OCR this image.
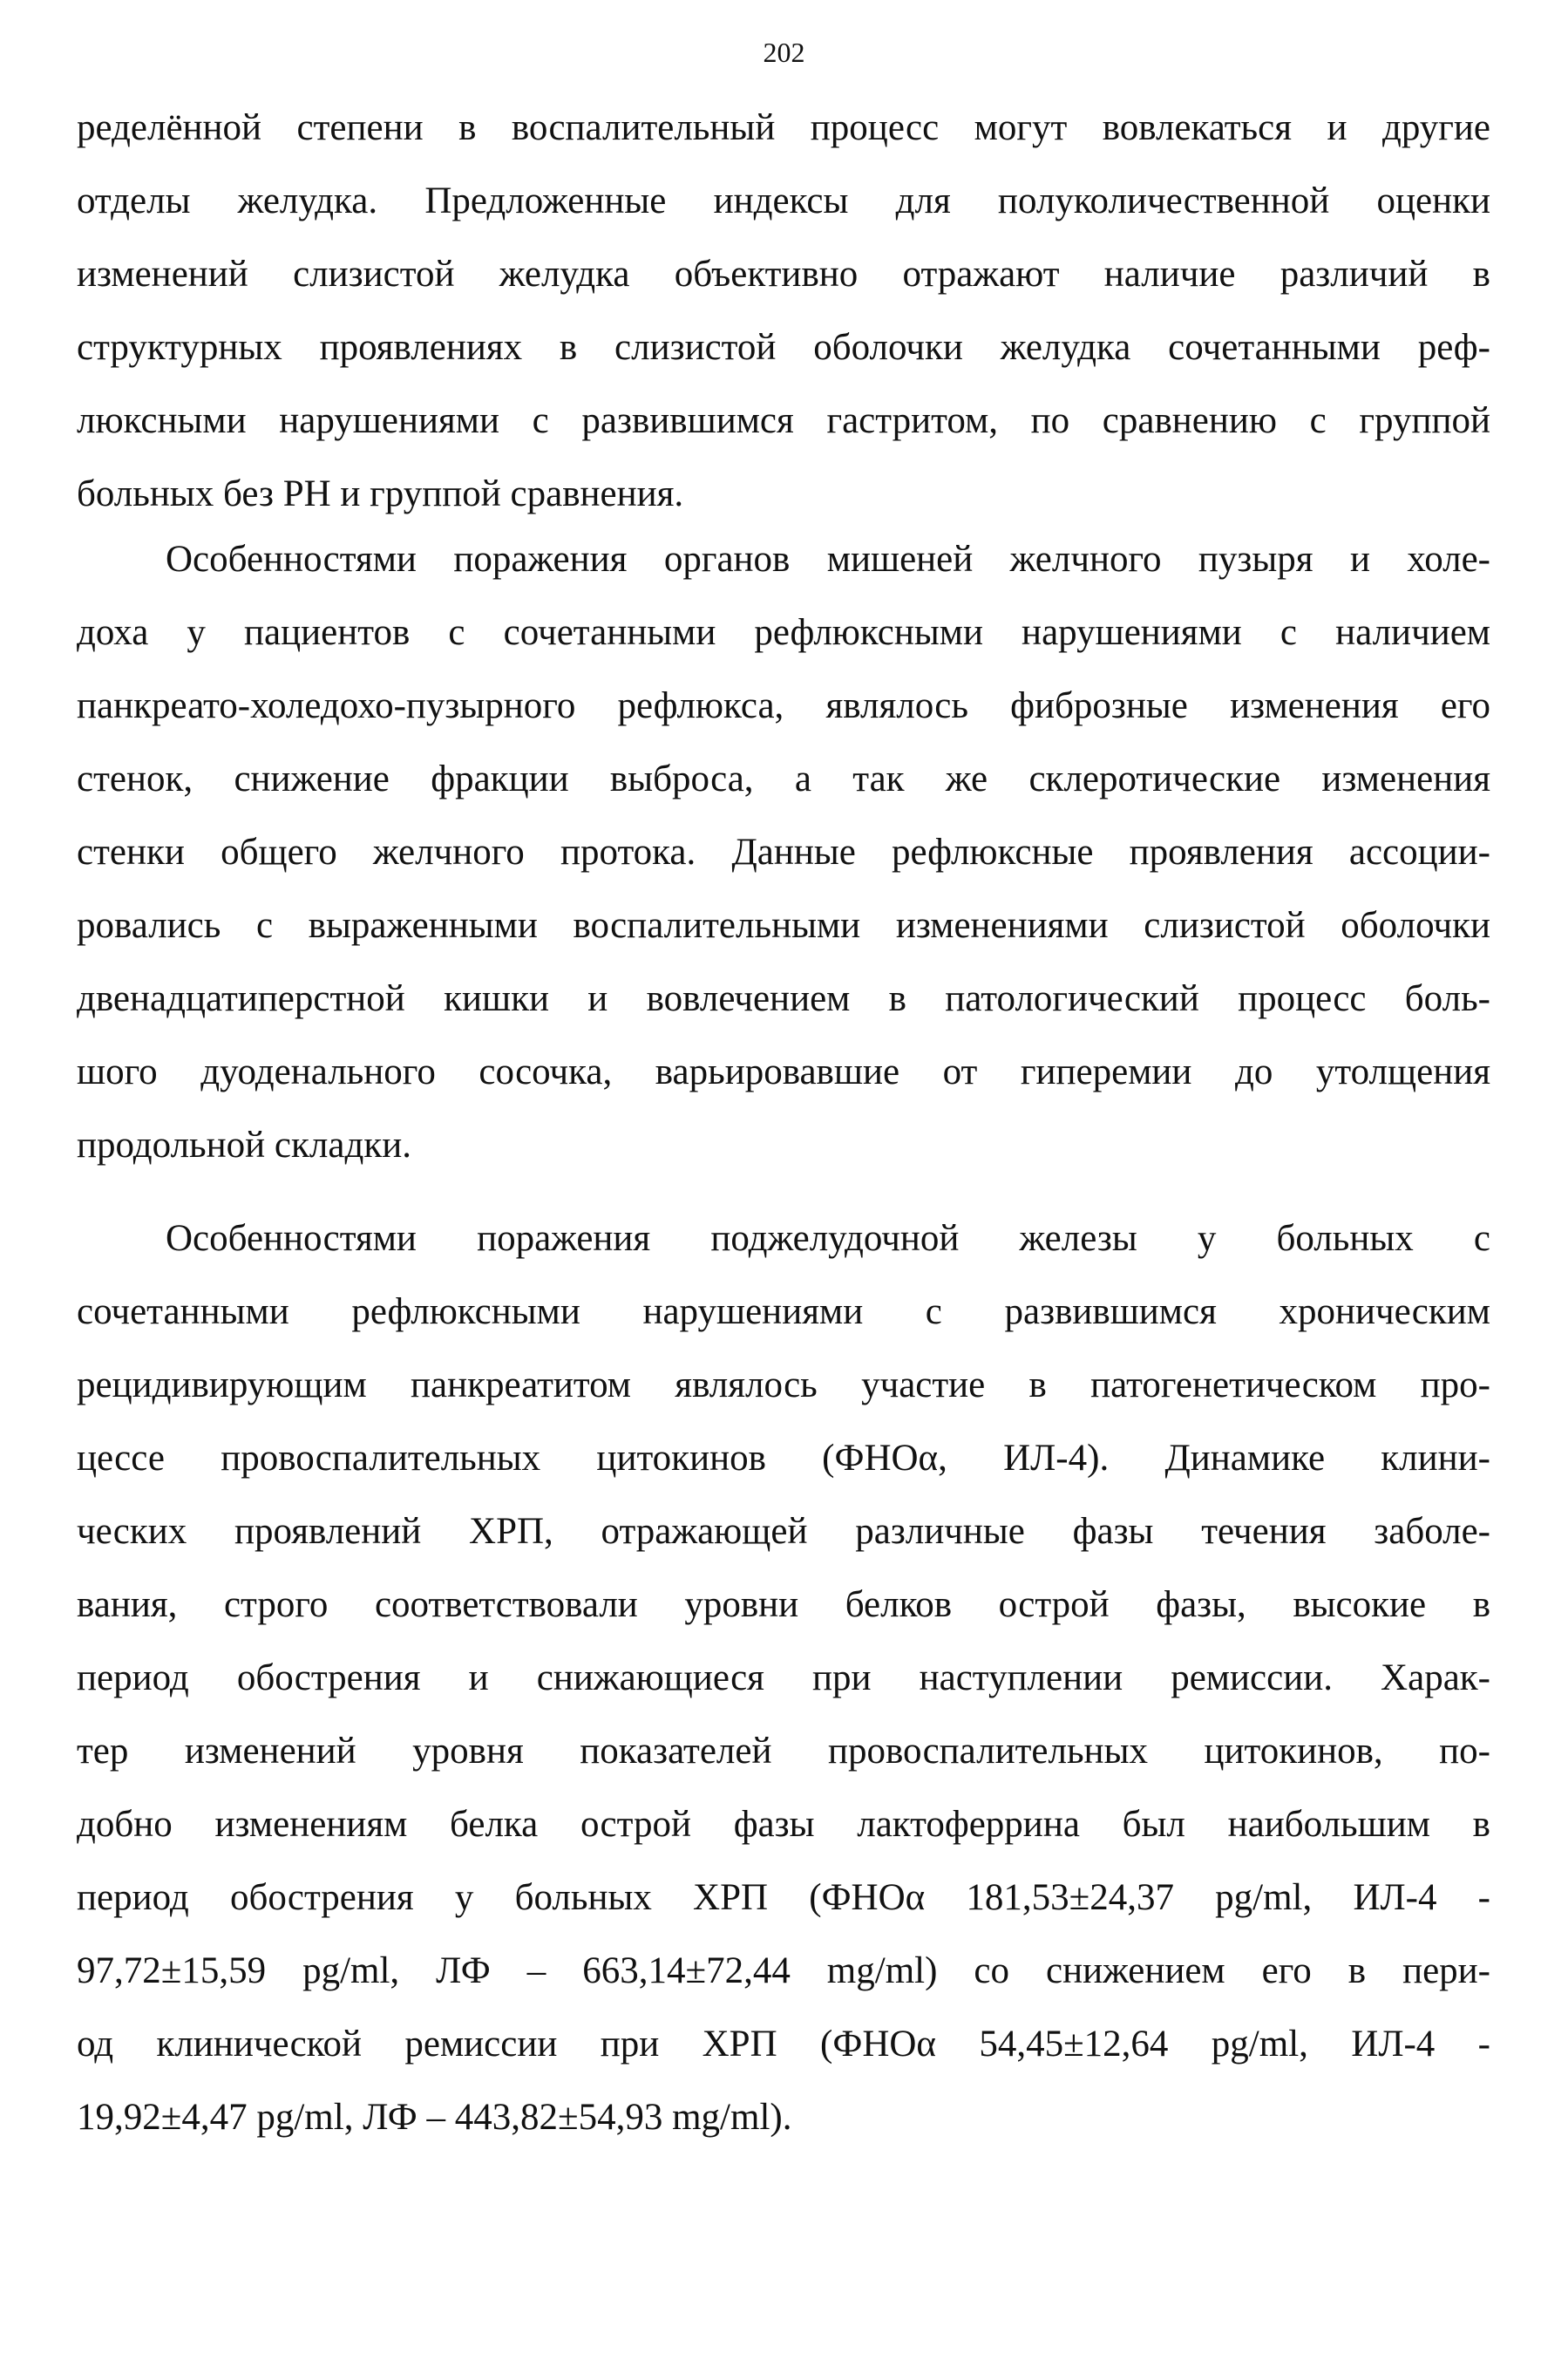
202
ределённой степени в воспалительный процесс могут вовлекаться и другие
отделы желудка. Предложенные индексы для полуколичественной оценки
изменений слизистой желудка объективно отражают наличие различий в
структурных проявлениях в слизистой оболочки желудка сочетанными реф-
люксными нарушениями с развившимся гастритом, по сравнению с группой
больных без РН и группой сравнения.
Особенностями поражения органов мишеней желчного пузыря и холе-
доха у пациентов с сочетанными рефлюксными нарушениями с наличием
панкреато-холедохо-пузырного рефлюкса, являлось фиброзные изменения его
стенок, снижение фракции выброса, а так же склеротические изменения
стенки общего желчного протока. Данные рефлюксные проявления ассоции-
ровались с выраженными воспалительными изменениями слизистой оболочки
двенадцатиперстной кишки и вовлечением в патологический процесс боль-
шого дуоденального сосочка, варьировавшие от гиперемии до утолщения
продольной складки.
Особенностями поражения поджелудочной железы у больных с
сочетанными рефлюксными нарушениями с развившимся хроническим
рецидивирующим панкреатитом являлось участие в патогенетическом про-
цессе провоспалительных цитокинов (ФНОα, ИЛ-4). Динамике клини-
ческих проявлений ХРП, отражающей различные фазы течения заболе-
вания, строго соответствовали уровни белков острой фазы, высокие в
период обострения и снижающиеся при наступлении ремиссии. Харак-
тер изменений уровня показателей провоспалительных цитокинов, по-
добно изменениям белка острой фазы лактоферрина был наибольшим в
период обострения у больных ХРП (ФНОα 181,53±24,37 pg/ml, ИЛ-4 -
97,72±15,59 pg/ml, ЛФ – 663,14±72,44 mg/ml) со снижением его в пери-
од клинической ремиссии при ХРП (ФНОα 54,45±12,64 pg/ml, ИЛ-4 -
19,92±4,47 pg/ml, ЛФ – 443,82±54,93 mg/ml).
